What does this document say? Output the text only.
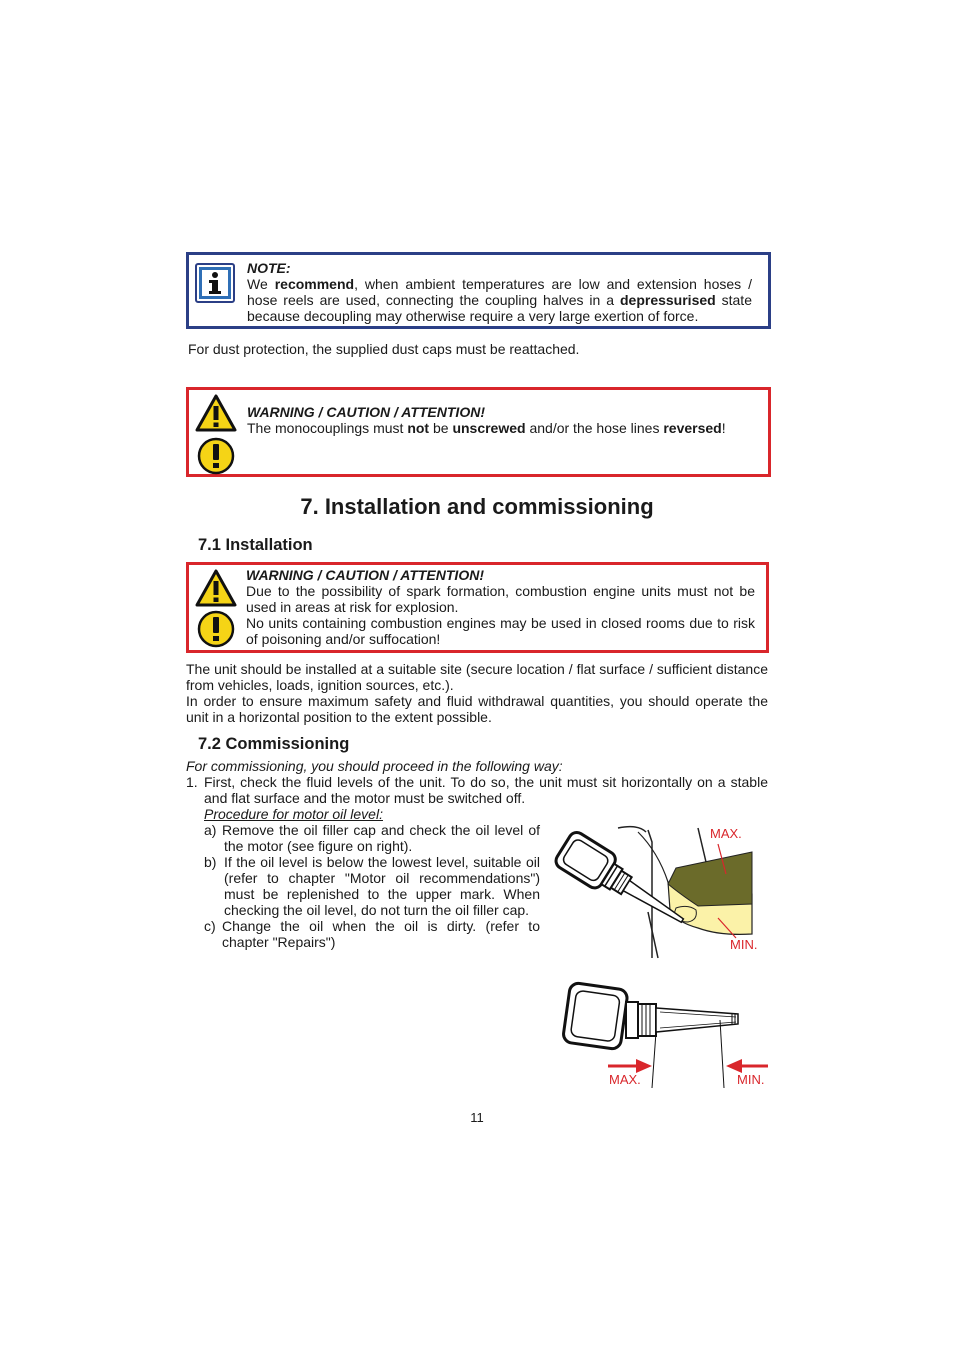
NOTE:
We recommend, when ambient temperatures are low and extension hoses / hose reels are used, connecting the coupling halves in a depressurised state because decoupling may otherwise require a very large exertion of force.
For dust protection, the supplied dust caps must be reattached.
WARNING / CAUTION / ATTENTION!
The monocouplings must not be unscrewed and/or the hose lines reversed!
7. Installation and commissioning
7.1 Installation
WARNING / CAUTION / ATTENTION!
Due to the possibility of spark formation, combustion engine units must not be used in areas at risk for explosion.
No units containing combustion engines may be used in closed rooms due to risk of poisoning and/or suffocation!
The unit should be installed at a suitable site (secure location / flat surface / sufficient distance from vehicles, loads, ignition sources, etc.).
In order to ensure maximum safety and fluid withdrawal quantities, you should operate the unit in a horizontal position to the extent possible.
7.2 Commissioning
For commissioning, you should proceed in the following way:
1. First, check the fluid levels of the unit. To do so, the unit must sit horizontally on a stable and flat surface and the motor must be switched off.
Procedure for motor oil level:
a) Remove the oil filler cap and check the oil level of the motor (see figure on right).
b) If the oil level is below the lowest level, suitable oil (refer to chapter "Motor oil recommendations") must be replenished to the upper mark. When checking the oil level, do not turn the oil filler cap.
c) Change the oil when the oil is dirty. (refer to chapter "Repairs")
MAX.
MIN.
MAX.	MIN.
11
